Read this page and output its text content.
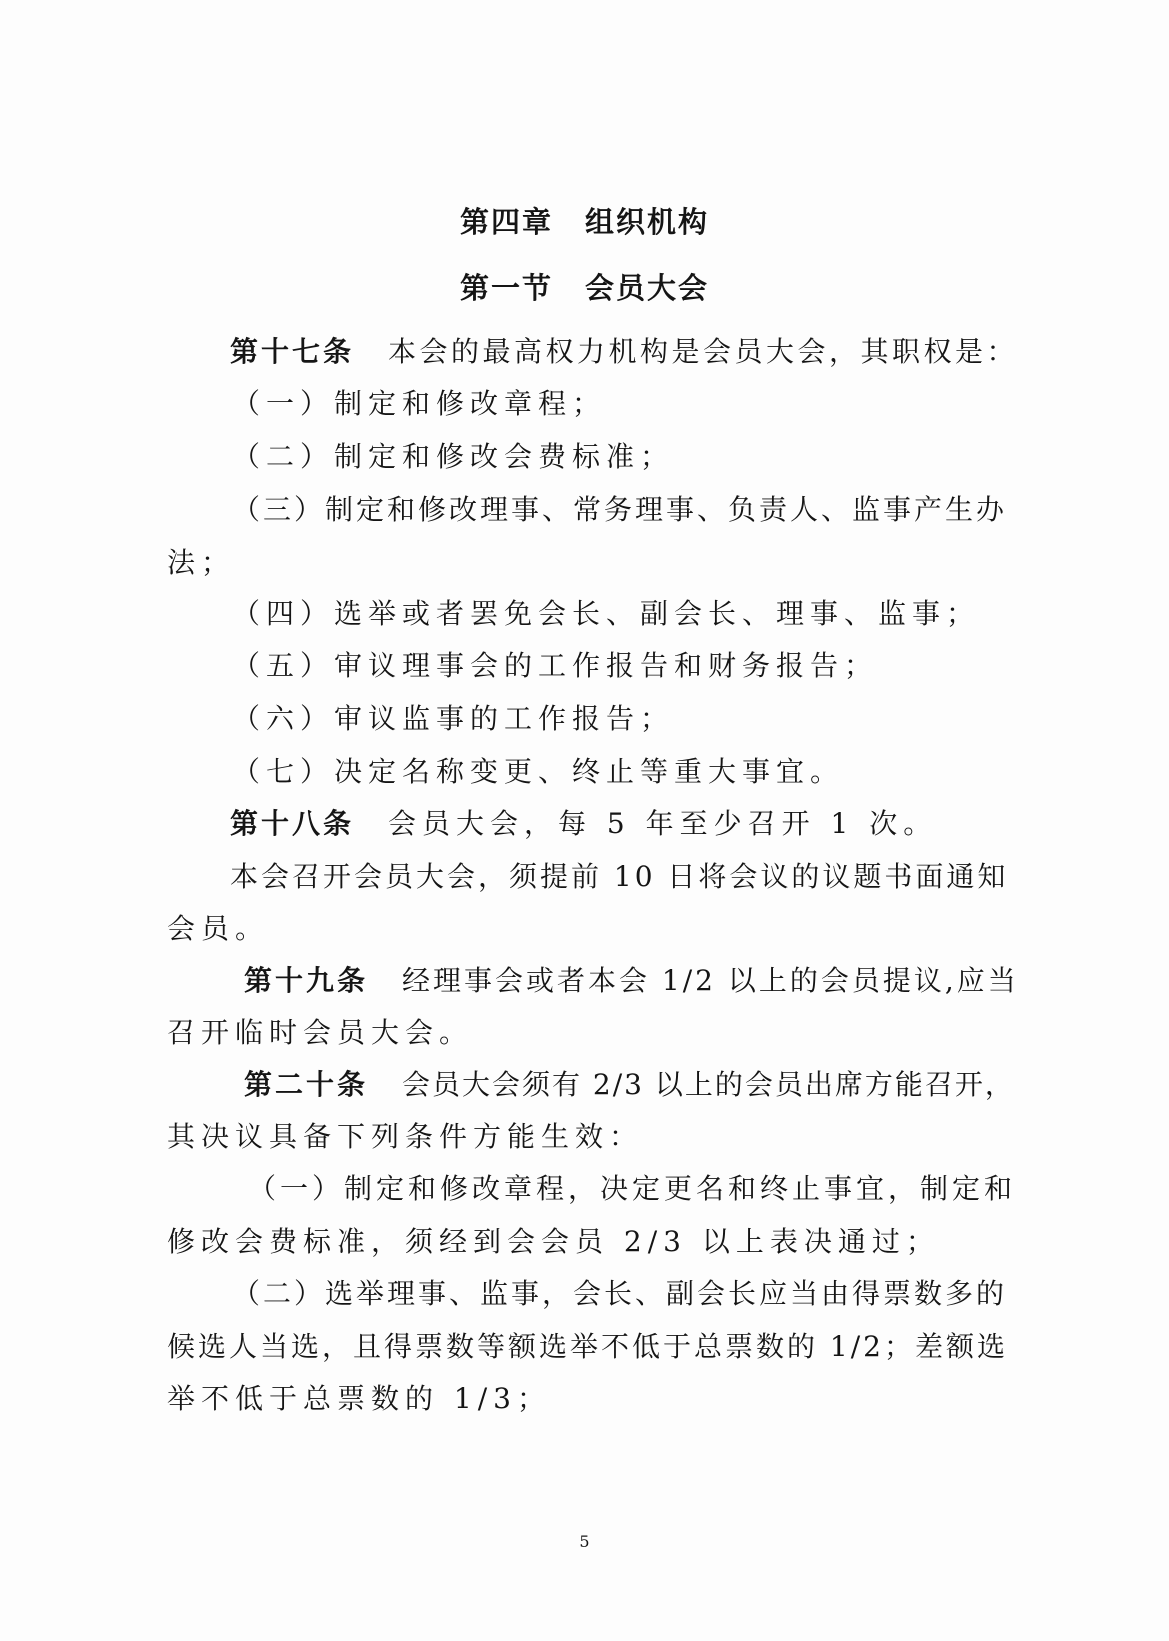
第四章 组织机构
第一节 会员大会
第十七条 本会的最高权力机构是会员大会，其职权是：
（一）制定和修改章程；
（二）制定和修改会费标准；
（三）制定和修改理事、常务理事、负责人、监事产生办
法；
（四）选举或者罢免会长、副会长、理事、监事；
（五）审议理事会的工作报告和财务报告；
（六）审议监事的工作报告；
（七）决定名称变更、终止等重大事宜。
第十八条 会员大会，每 5 年至少召开 1 次。
本会召开会员大会，须提前 10 日将会议的议题书面通知
会员。
第十九条 经理事会或者本会 1/2 以上的会员提议,应当
召开临时会员大会。
第二十条 会员大会须有 2/3 以上的会员出席方能召开，
其决议具备下列条件方能生效：
（一）制定和修改章程，决定更名和终止事宜，制定和
修改会费标准，须经到会会员 2/3 以上表决通过；
（二）选举理事、监事，会长、副会长应当由得票数多的
候选人当选，且得票数等额选举不低于总票数的 1/2；差额选
举不低于总票数的 1/3；
5
